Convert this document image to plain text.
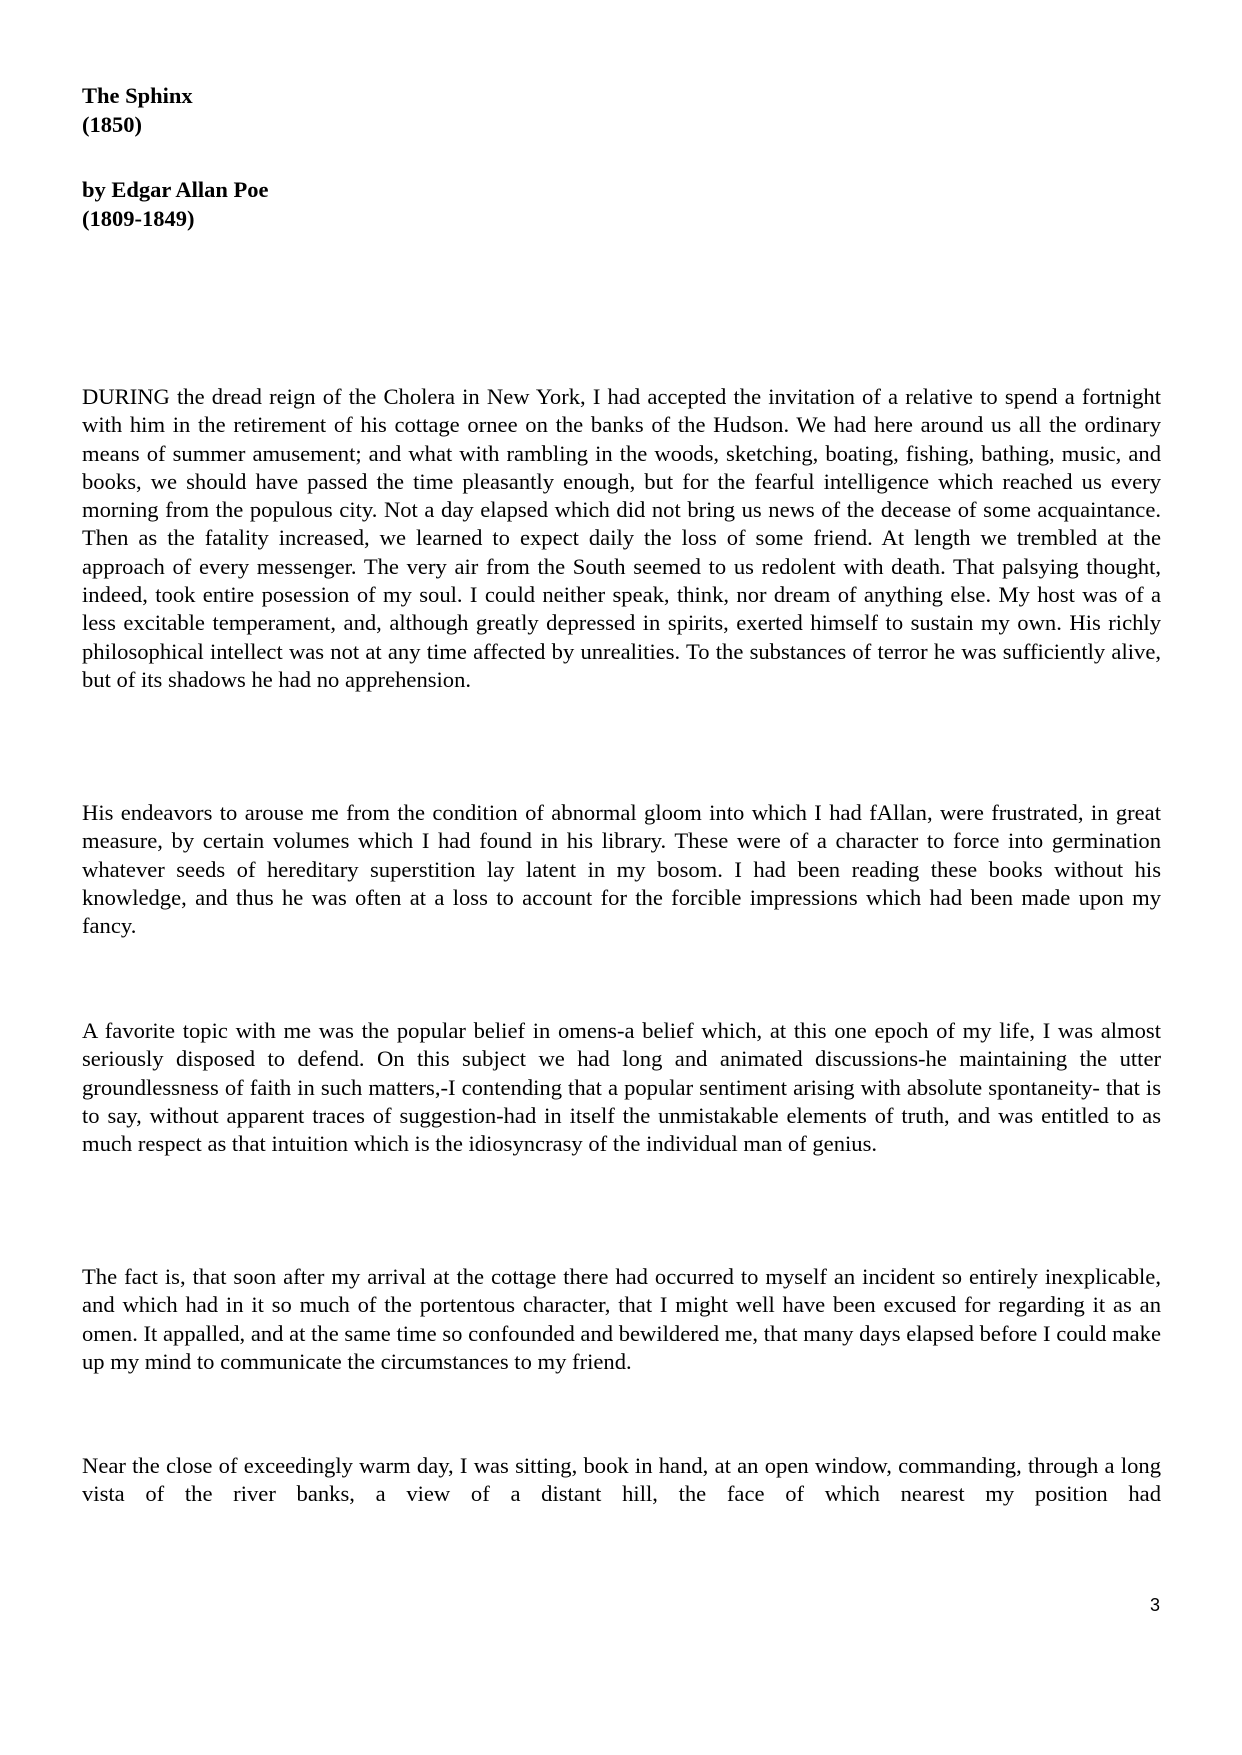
The Sphinx
(1850)
by Edgar Allan Poe
(1809-1849)

DURING the dread reign of the Cholera in New York, I had accepted the invitation of a relative to spend a fortnight with him in the retirement of his cottage ornee on the banks of the Hudson. We had here around us all the ordinary means of summer amusement; and what with rambling in the woods, sketching, boating, fishing, bathing, music, and books, we should have passed the time pleasantly enough, but for the fearful intelligence which reached us every morning from the populous city. Not a day elapsed which did not bring us news of the decease of some acquaintance. Then as the fatality increased, we learned to expect daily the loss of some friend. At length we trembled at the approach of every messenger. The very air from the South seemed to us redolent with death. That palsying thought, indeed, took entire posession of my soul. I could neither speak, think, nor dream of anything else. My host was of a less excitable temperament, and, although greatly depressed in spirits, exerted himself to sustain my own. His richly philosophical intellect was not at any time affected by unrealities. To the substances of terror he was sufficiently alive, but of its shadows he had no apprehension.

His endeavors to arouse me from the condition of abnormal gloom into which I had fAllan, were frustrated, in great measure, by certain volumes which I had found in his library. These were of a character to force into germination whatever seeds of hereditary superstition lay latent in my bosom. I had been reading these books without his knowledge, and thus he was often at a loss to account for the forcible impressions which had been made upon my fancy.

A favorite topic with me was the popular belief in omens-a belief which, at this one epoch of my life, I was almost seriously disposed to defend. On this subject we had long and animated discussions-he maintaining the utter groundlessness of faith in such matters,-I contending that a popular sentiment arising with absolute spontaneity- that is to say, without apparent traces of suggestion-had in itself the unmistakable elements of truth, and was entitled to as much respect as that intuition which is the idiosyncrasy of the individual man of genius.

The fact is, that soon after my arrival at the cottage there had occurred to myself an incident so entirely inexplicable, and which had in it so much of the portentous character, that I might well have been excused for regarding it as an omen. It appalled, and at the same time so confounded and bewildered me, that many days elapsed before I could make up my mind to communicate the circumstances to my friend.

Near the close of exceedingly warm day, I was sitting, book in hand, at an open window, commanding, through a long vista of the river banks, a view of a distant hill, the face of which nearest my position had

3
